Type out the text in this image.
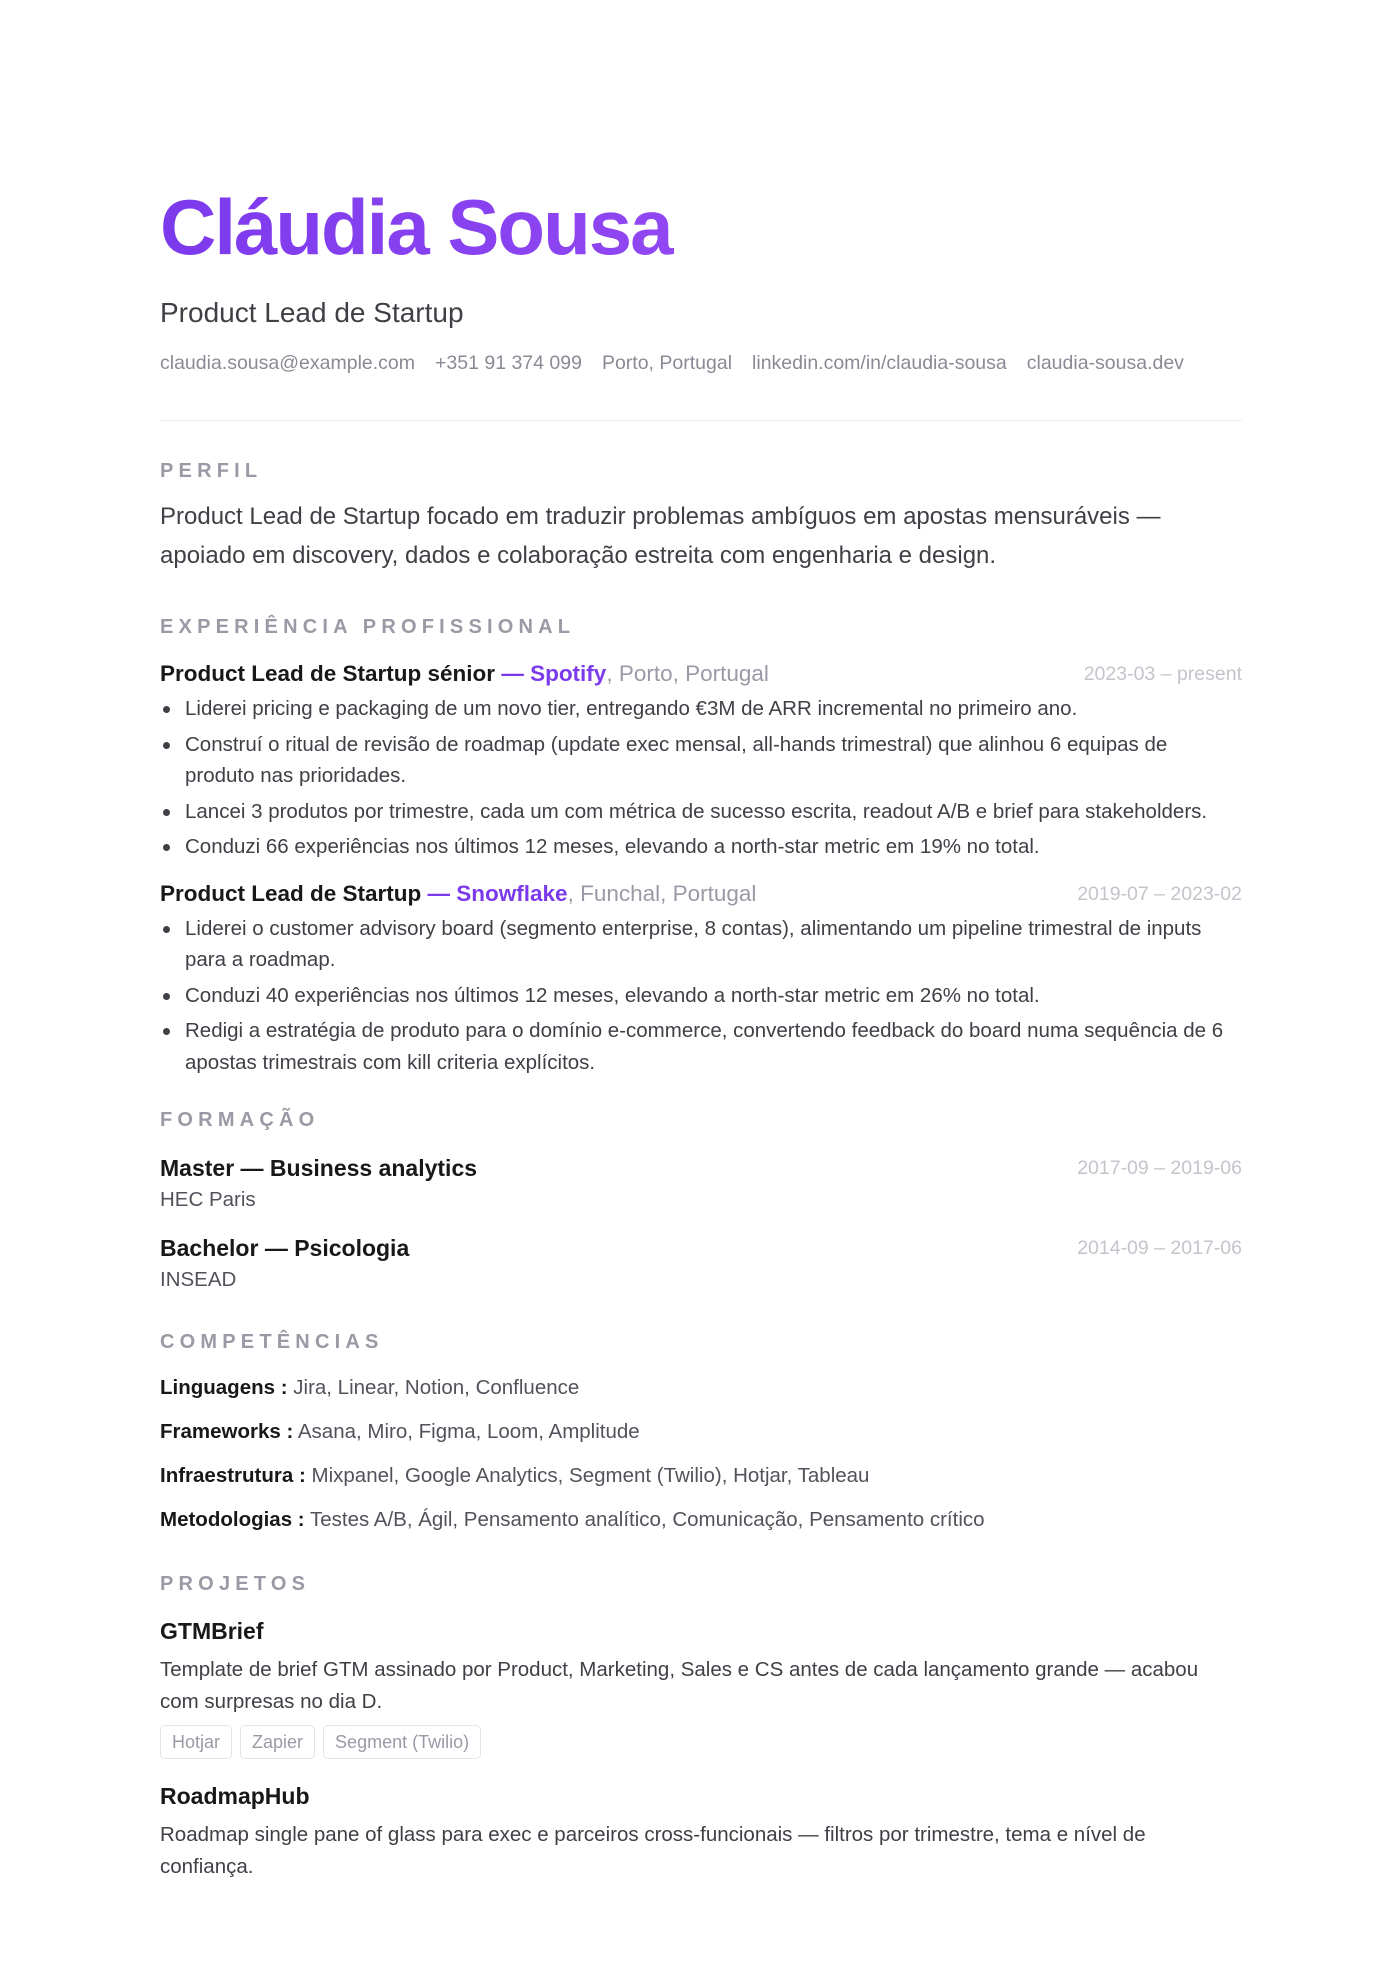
Cláudia Sousa
Product Lead de Startup
claudia.sousa@example.com +351 91 374 099 Porto, Portugal linkedin.com/in/claudia-sousa claudia-sousa.dev
PERFIL
Product Lead de Startup focado em traduzir problemas ambíguos em apostas mensuráveis — apoiado em discovery, dados e colaboração estreita com engenharia e design.
EXPERIÊNCIA PROFISSIONAL
Product Lead de Startup sénior — Spotify, Porto, Portugal	2023-03 – present
Liderei pricing e packaging de um novo tier, entregando €3M de ARR incremental no primeiro ano.
Construí o ritual de revisão de roadmap (update exec mensal, all-hands trimestral) que alinhou 6 equipas de produto nas prioridades.
Lancei 3 produtos por trimestre, cada um com métrica de sucesso escrita, readout A/B e brief para stakeholders.
Conduzi 66 experiências nos últimos 12 meses, elevando a north-star metric em 19% no total.
Product Lead de Startup — Snowflake, Funchal, Portugal	2019-07 – 2023-02
Liderei o customer advisory board (segmento enterprise, 8 contas), alimentando um pipeline trimestral de inputs para a roadmap.
Conduzi 40 experiências nos últimos 12 meses, elevando a north-star metric em 26% no total.
Redigi a estratégia de produto para o domínio e-commerce, convertendo feedback do board numa sequência de 6 apostas trimestrais com kill criteria explícitos.
FORMAÇÃO
Master — Business analytics	2017-09 – 2019-06
HEC Paris
Bachelor — Psicologia	2014-09 – 2017-06
INSEAD
COMPETÊNCIAS
Linguagens : Jira, Linear, Notion, Confluence
Frameworks : Asana, Miro, Figma, Loom, Amplitude
Infraestrutura : Mixpanel, Google Analytics, Segment (Twilio), Hotjar, Tableau
Metodologias : Testes A/B, Ágil, Pensamento analítico, Comunicação, Pensamento crítico
PROJETOS
GTMBrief
Template de brief GTM assinado por Product, Marketing, Sales e CS antes de cada lançamento grande — acabou com surpresas no dia D.
Hotjar	Zapier	Segment (Twilio)
RoadmapHub
Roadmap single pane of glass para exec e parceiros cross-funcionais — filtros por trimestre, tema e nível de confiança.
